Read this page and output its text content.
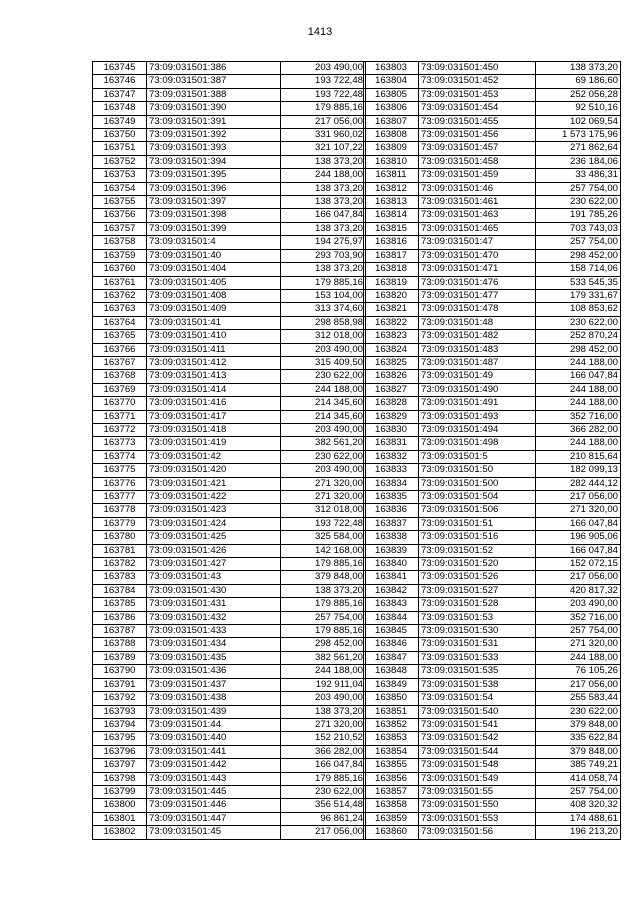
1413
163745	73:09:031501:386	203 490,00
163746	73:09:031501:387	193 722,48
163747	73:09:031501:388	193 722,48
163748	73:09:031501:390	179 885,16
163749	73:09:031501:391	217 056,00
163750	73:09:031501:392	331 960,02
163751	73:09:031501:393	321 107,22
163752	73:09:031501:394	138 373,20
163753	73:09:031501:395	244 188,00
163754	73:09:031501:396	138 373,20
163755	73:09:031501:397	138 373,20
163756	73:09:031501:398	166 047,84
163757	73:09:031501:399	138 373,20
163758	73:09:031501:4	194 275,97
163759	73:09:031501:40	293 703,90
163760	73:09:031501:404	138 373,20
163761	73:09:031501:405	179 885,16
163762	73:09:031501:408	153 104,00
163763	73:09:031501:409	313 374,60
163764	73:09:031501:41	298 858,98
163765	73:09:031501:410	312 018,00
163766	73:09:031501:411	203 490,00
163767	73:09:031501:412	315 409,50
163768	73:09:031501:413	230 622,00
163769	73:09:031501:414	244 188,00
163770	73:09:031501:416	214 345,60
163771	73:09:031501:417	214 345,60
163772	73:09:031501:418	203 490,00
163773	73:09:031501:419	382 561,20
163774	73:09:031501:42	230 622,00
163775	73:09:031501:420	203 490,00
163776	73:09:031501:421	271 320,00
163777	73:09:031501:422	271 320,00
163778	73:09:031501:423	312 018,00
163779	73:09:031501:424	193 722,48
163780	73:09:031501:425	325 584,00
163781	73:09:031501:426	142 168,00
163782	73:09:031501:427	179 885,16
163783	73:09:031501:43	379 848,00
163784	73:09:031501:430	138 373,20
163785	73:09:031501:431	179 885,16
163786	73:09:031501:432	257 754,00
163787	73:09:031501:433	179 885,16
163788	73:09:031501:434	298 452,00
163789	73:09:031501:435	382 561,20
163790	73:09:031501:436	244 188,00
163791	73:09:031501:437	192 911,04
163792	73:09:031501:438	203 490,00
163793	73:09:031501:439	138 373,20
163794	73:09:031501:44	271 320,00
163795	73:09:031501:440	152 210,52
163796	73:09:031501:441	366 282,00
163797	73:09:031501:442	166 047,84
163798	73:09:031501:443	179 885,16
163799	73:09:031501:445	230 622,00
163800	73:09:031501:446	356 514,48
163801	73:09:031501:447	96 861,24
163802	73:09:031501:45	217 056,00
163803	73:09:031501:450	138 373,20
163804	73:09:031501:452	69 186,60
163805	73:09:031501:453	252 056,28
163806	73:09:031501:454	92 510,16
163807	73:09:031501:455	102 069,54
163808	73:09:031501:456	1 573 175,96
163809	73:09:031501:457	271 862,64
163810	73:09:031501:458	236 184,06
163811	73:09:031501:459	33 486,31
163812	73:09:031501:46	257 754,00
163813	73:09:031501:461	230 622,00
163814	73:09:031501:463	191 785,26
163815	73:09:031501:465	703 743,03
163816	73:09:031501:47	257 754,00
163817	73:09:031501:470	298 452,00
163818	73:09:031501:471	158 714,06
163819	73:09:031501:476	533 545,35
163820	73:09:031501:477	179 331,67
163821	73:09:031501:478	108 853,62
163822	73:09:031501:48	230 622,00
163823	73:09:031501:482	252 870,24
163824	73:09:031501:483	298 452,00
163825	73:09:031501:487	244 188,00
163826	73:09:031501:49	166 047,84
163827	73:09:031501:490	244 188,00
163828	73:09:031501:491	244 188,00
163829	73:09:031501:493	352 716,00
163830	73:09:031501:494	366 282,00
163831	73:09:031501:498	244 188,00
163832	73:09:031501:5	210 815,64
163833	73:09:031501:50	182 099,13
163834	73:09:031501:500	282 444,12
163835	73:09:031501:504	217 056,00
163836	73:09:031501:506	271 320,00
163837	73:09:031501:51	166 047,84
163838	73:09:031501:516	196 905,06
163839	73:09:031501:52	166 047,84
163840	73:09:031501:520	152 072,15
163841	73:09:031501:526	217 056,00
163842	73:09:031501:527	420 817,32
163843	73:09:031501:528	203 490,00
163844	73:09:031501:53	352 716,00
163845	73:09:031501:530	257 754,00
163846	73:09:031501:531	271 320,00
163847	73:09:031501:533	244 188,00
163848	73:09:031501:535	76 105,26
163849	73:09:031501:538	217 056,00
163850	73:09:031501:54	255 583,44
163851	73:09:031501:540	230 622,00
163852	73:09:031501:541	379 848,00
163853	73:09:031501:542	335 622,84
163854	73:09:031501:544	379 848,00
163855	73:09:031501:548	385 749,21
163856	73:09:031501:549	414 058,74
163857	73:09:031501:55	257 754,00
163858	73:09:031501:550	408 320,32
163859	73:09:031501:553	174 488,61
163860	73:09:031501:56	196 213,20
